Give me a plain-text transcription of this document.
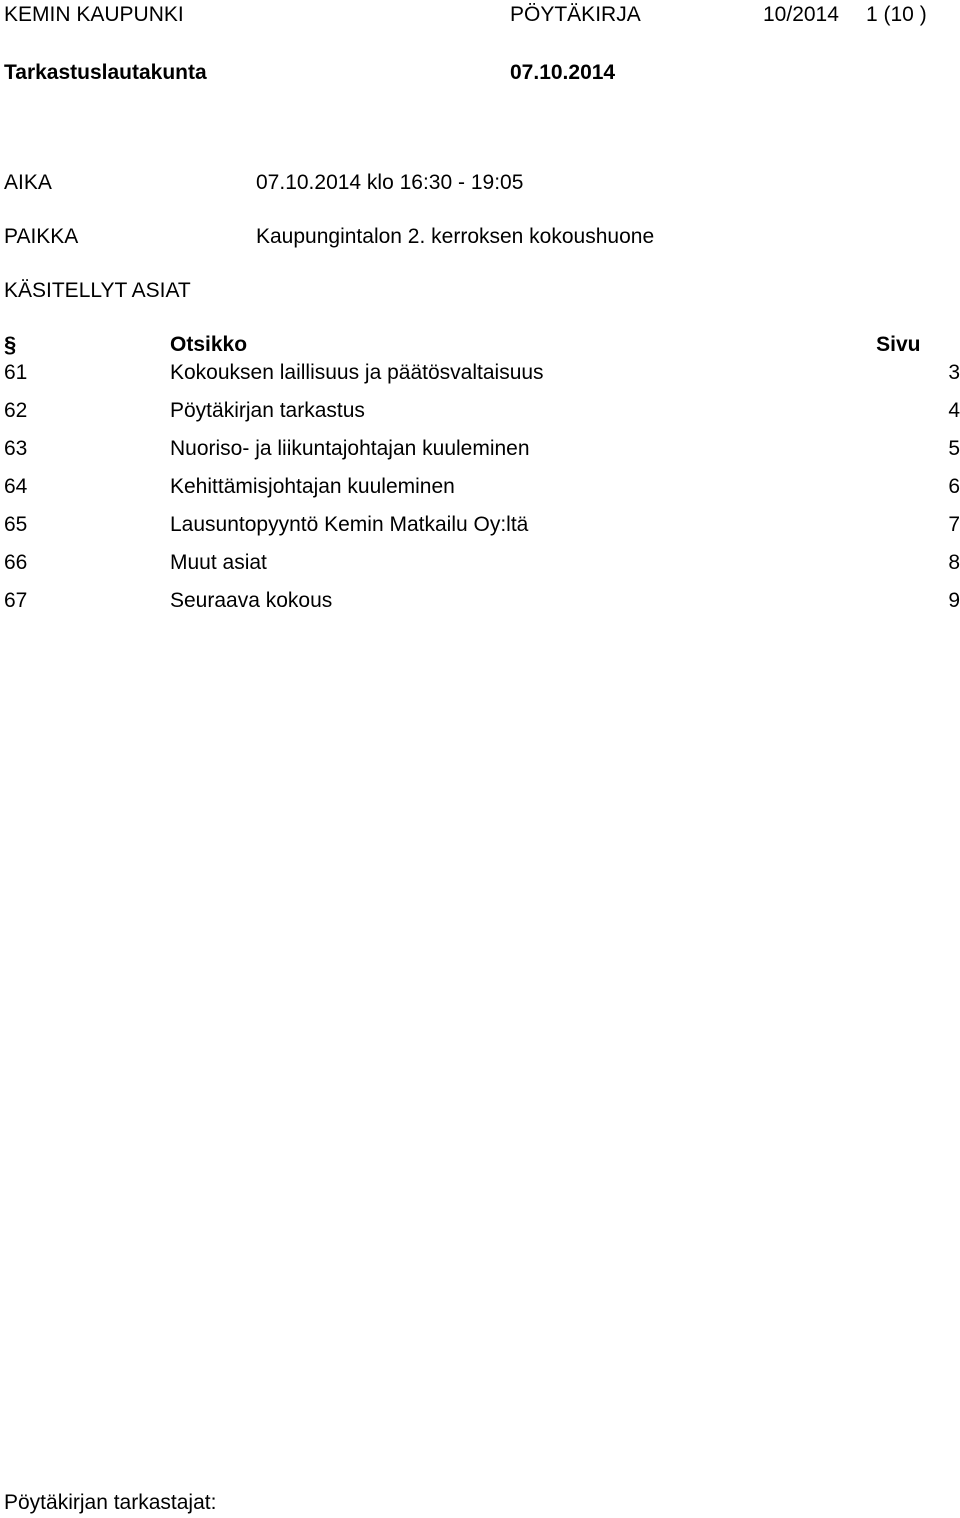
KEMIN KAUPUNKI	PÖYTÄKIRJA	10/2014 1 (10 )
Tarkastuslautakunta	07.10.2014
AIKA	07.10.2014 klo 16:30 - 19:05
PAIKKA	Kaupungintalon 2. kerroksen kokoushuone
KÄSITELLYT ASIAT
§	Otsikko	Sivu
61	Kokouksen laillisuus ja päätösvaltaisuus	3
62	Pöytäkirjan tarkastus	4
63	Nuoriso- ja liikuntajohtajan kuuleminen	5
64	Kehittämisjohtajan kuuleminen	6
65	Lausuntopyyntö Kemin Matkailu Oy:ltä	7
66	Muut asiat	8
67	Seuraava kokous	9
Pöytäkirjan tarkastajat:
